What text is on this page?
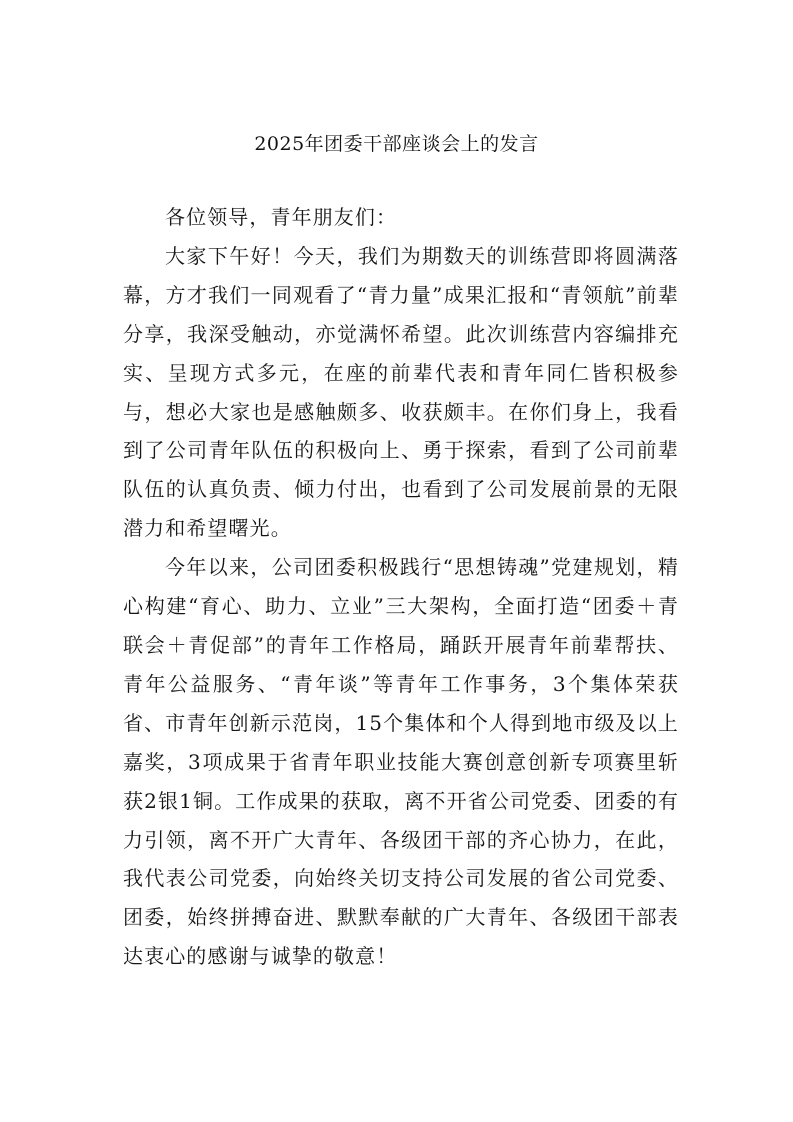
2025年团委干部座谈会上的发言

各位领导，青年朋友们：

大家下午好！今天，我们为期数天的训练营即将圆满落幕，方才我们一同观看了“青力量”成果汇报和“青领航”前辈分享，我深受触动，亦觉满怀希望。此次训练营内容编排充实、呈现方式多元，在座的前辈代表和青年同仁皆积极参与，想必大家也是感触颇多、收获颇丰。在你们身上，我看到了公司青年队伍的积极向上、勇于探索，看到了公司前辈队伍的认真负责、倾力付出，也看到了公司发展前景的无限潜力和希望曙光。

今年以来，公司团委积极践行“思想铸魂”党建规划，精心构建“育心、助力、立业”三大架构，全面打造“团委＋青联会＋青促部”的青年工作格局，踊跃开展青年前辈帮扶、青年公益服务、“青年谈”等青年工作事务，3个集体荣获省、市青年创新示范岗，15个集体和个人得到地市级及以上嘉奖，3项成果于省青年职业技能大赛创意创新专项赛里斩获2银1铜。工作成果的获取，离不开省公司党委、团委的有力引领，离不开广大青年、各级团干部的齐心协力，在此，我代表公司党委，向始终关切支持公司发展的省公司党委、团委，始终拼搏奋进、默默奉献的广大青年、各级团干部表达衷心的感谢与诚挚的敬意！
